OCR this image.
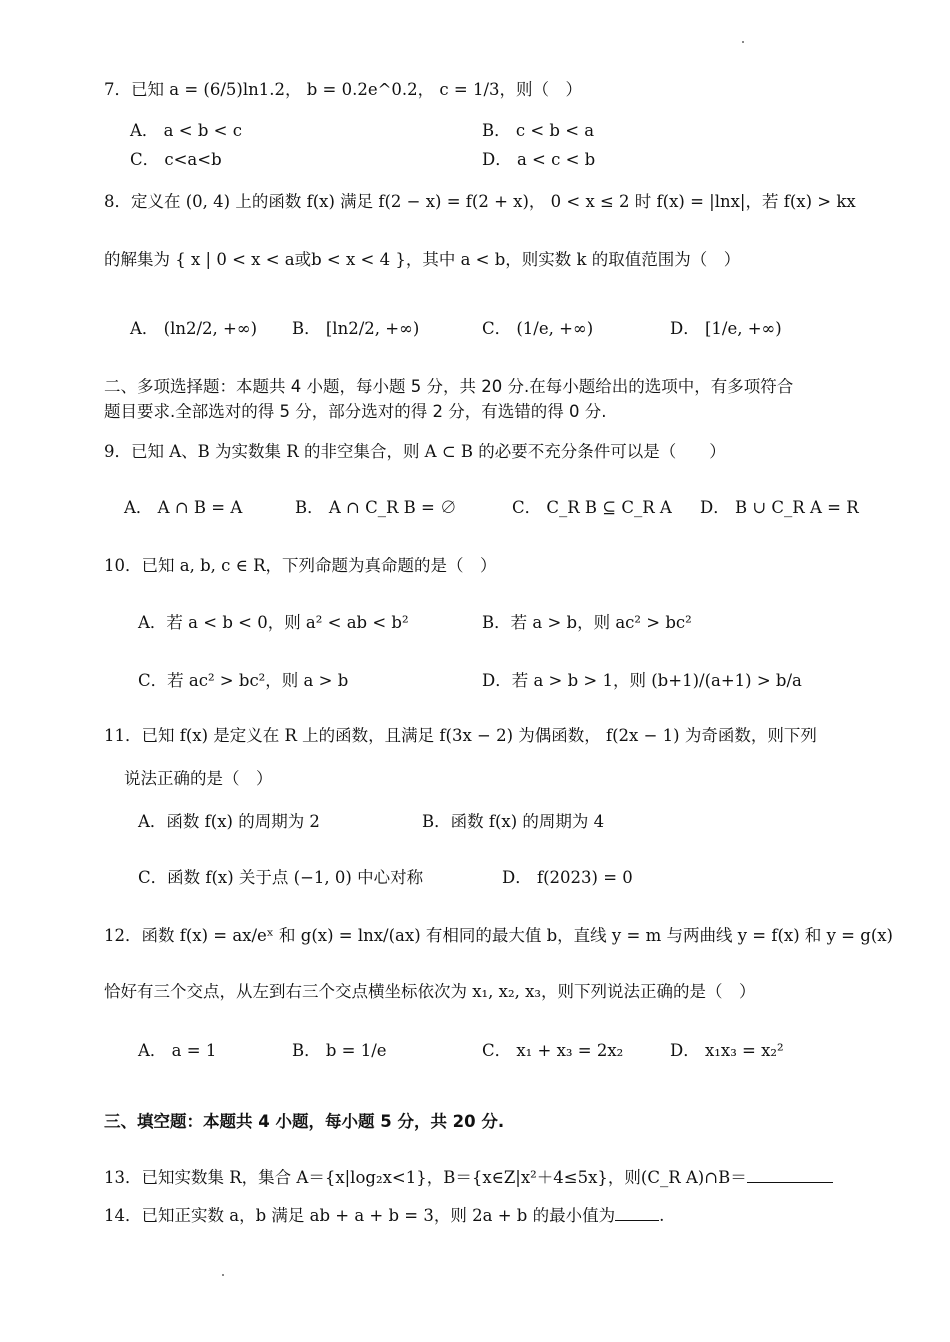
7．已知 a = (6/5)ln1.2， b = 0.2e^0.2， c = 1/3，则（　）
A． a < b < c	B． c < b < a
C． c<a<b	D． a < c < b
8．定义在 (0, 4) 上的函数 f(x) 满足 f(2 − x) = f(2 + x)， 0 < x ≤ 2 时 f(x) = |lnx|，若 f(x) > kx
的解集为 { x | 0 < x < a或b < x < 4 }，其中 a < b，则实数 k 的取值范围为（　）
A． (ln2/2, +∞) B． [ln2/2, +∞)	C． (1/e, +∞)	D． [1/e, +∞)
二、多项选择题：本题共 4 小题，每小题 5 分，共 20 分.在每小题给出的选项中，有多项符合
题目要求.全部选对的得 5 分，部分选对的得 2 分，有选错的得 0 分.
9．已知 A、B 为实数集 R 的非空集合，则 A ⊂ B 的必要不充分条件可以是（　　）
A． A ∩ B = A	B． A ∩ C_R B = ∅	C． C_R B ⊆ C_R A D． B ∪ C_R A = R
10．已知 a, b, c ∈ R，下列命题为真命题的是（　）
A．若 a < b < 0，则 a² < ab < b²	B．若 a > b，则 ac² > bc²
C．若 ac² > bc²，则 a > b	D．若 a > b > 1，则 (b+1)/(a+1) > b/a
11．已知 f(x) 是定义在 R 上的函数，且满足 f(3x − 2) 为偶函数， f(2x − 1) 为奇函数，则下列
说法正确的是（　）
A．函数 f(x) 的周期为 2	B．函数 f(x) 的周期为 4
C．函数 f(x) 关于点 (−1, 0) 中心对称	D． f(2023) = 0
12．函数 f(x) = ax/eˣ 和 g(x) = lnx/(ax) 有相同的最大值 b，直线 y = m 与两曲线 y = f(x) 和 y = g(x)
恰好有三个交点，从左到右三个交点横坐标依次为 x₁, x₂, x₃，则下列说法正确的是（　）
A． a = 1	B． b = 1/e	C． x₁ + x₃ = 2x₂	D． x₁x₃ = x₂²
三、填空题：本题共 4 小题，每小题 5 分，共 20 分.
13．已知实数集 R，集合 A＝{x|log₂x<1}，B＝{x∈Z|x²＋4≤5x}，则(C_R A)∩B＝
14．已知正实数 a，b 满足 ab + a + b = 3，则 2a + b 的最小值为	.
